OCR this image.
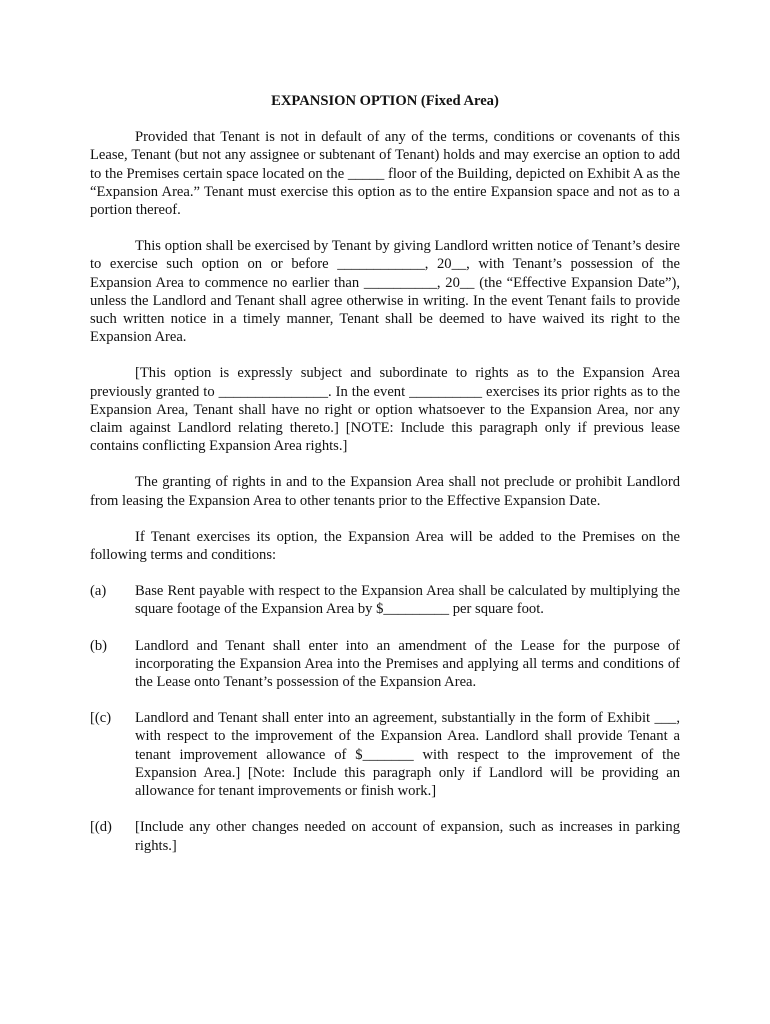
EXPANSION OPTION (Fixed Area)

Provided that Tenant is not in default of any of the terms, conditions or covenants of this Lease, Tenant (but not any assignee or subtenant of Tenant) holds and may exercise an option to add to the Premises certain space located on the _____ floor of the Building, depicted on Exhibit A as the “Expansion Area.” Tenant must exercise this option as to the entire Expansion space and not as to a portion thereof.

This option shall be exercised by Tenant by giving Landlord written notice of Tenant’s desire to exercise such option on or before ____________, 20__, with Tenant’s possession of the Expansion Area to commence no earlier than __________, 20__ (the “Effective Expansion Date”), unless the Landlord and Tenant shall agree otherwise in writing. In the event Tenant fails to provide such written notice in a timely manner, Tenant shall be deemed to have waived its right to the Expansion Area.

[This option is expressly subject and subordinate to rights as to the Expansion Area previously granted to _______________. In the event __________ exercises its prior rights as to the Expansion Area, Tenant shall have no right or option whatsoever to the Expansion Area, nor any claim against Landlord relating thereto.] [NOTE: Include this paragraph only if previous lease contains conflicting Expansion Area rights.]

The granting of rights in and to the Expansion Area shall not preclude or prohibit Landlord from leasing the Expansion Area to other tenants prior to the Effective Expansion Date.

If Tenant exercises its option, the Expansion Area will be added to the Premises on the following terms and conditions:

(a)	Base Rent payable with respect to the Expansion Area shall be calculated by multiplying the square footage of the Expansion Area by $_________ per square foot.
(b)	Landlord and Tenant shall enter into an amendment of the Lease for the purpose of incorporating the Expansion Area into the Premises and applying all terms and conditions of the Lease onto Tenant’s possession of the Expansion Area.
[(c)	Landlord and Tenant shall enter into an agreement, substantially in the form of Exhibit ___, with respect to the improvement of the Expansion Area. Landlord shall provide Tenant a tenant improvement allowance of $_______ with respect to the improvement of the Expansion Area.] [Note: Include this paragraph only if Landlord will be providing an allowance for tenant improvements or finish work.]
[(d)	[Include any other changes needed on account of expansion, such as increases in parking rights.]
